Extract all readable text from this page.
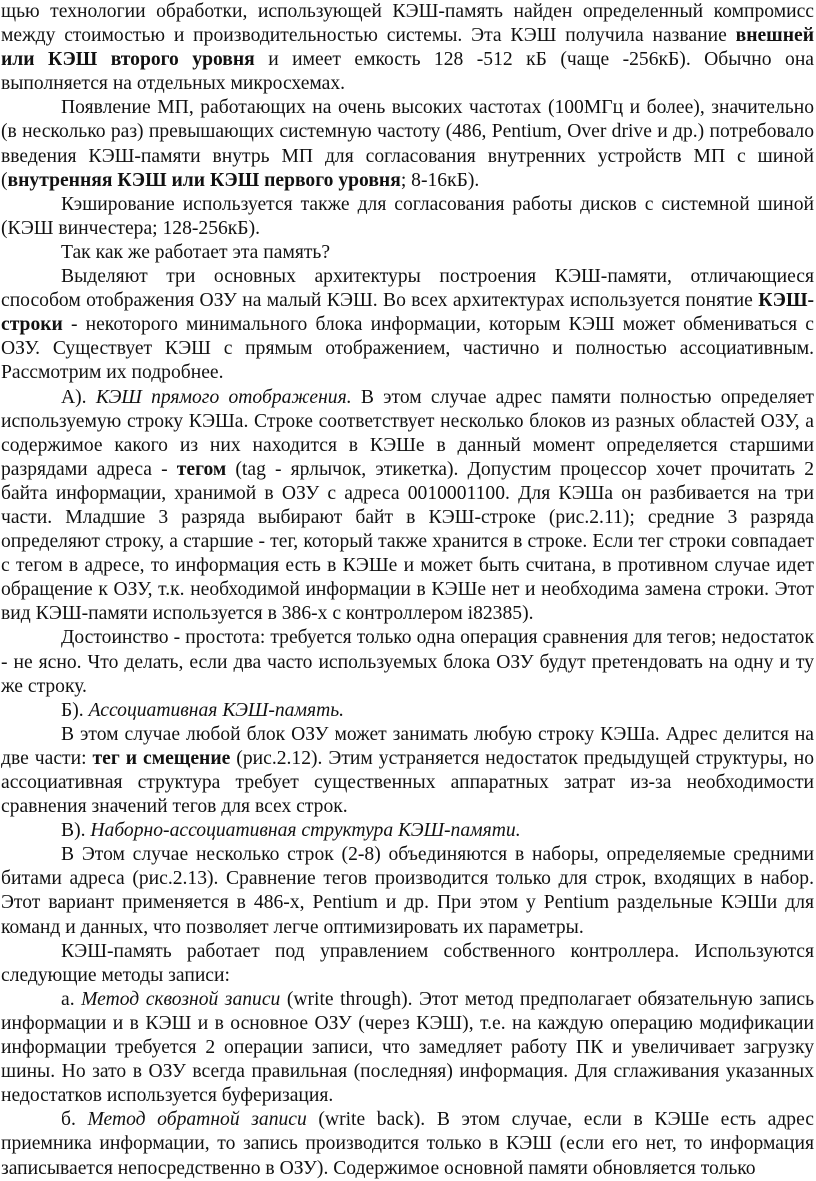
щью технологии обработки, использующей КЭШ-память найден определенный компромисс между стоимостью и производительностью системы. Эта КЭШ получила название внешней или КЭШ второго уровня и имеет емкость 128 -512 кБ (чаще -256кБ). Обычно она выполняется на отдельных микросхемах.

Появление МП, работающих на очень высоких частотах (100МГц и более), значительно (в несколько раз) превышающих системную частоту (486, Pentium, Over drive и др.) потребовало введения КЭШ-памяти внутрь МП для согласования внутренних устройств МП с шиной (внутренняя КЭШ или КЭШ первого уровня; 8-16кБ).

Кэширование используется также для согласования работы дисков с системной шиной (КЭШ винчестера; 128-256кБ).

Так как же работает эта память?

Выделяют три основных архитектуры построения КЭШ-памяти, отличающиеся способом отображения ОЗУ на малый КЭШ. Во всех архитектурах используется понятие КЭШ-строки - некоторого минимального блока информации, которым КЭШ может обмениваться с ОЗУ. Существует КЭШ с прямым отображением, частично и полностью ассоциативным. Рассмотрим их подробнее.

А). КЭШ прямого отображения. В этом случае адрес памяти полностью определяет используемую строку КЭШа. Строке соответствует несколько блоков из разных областей ОЗУ, а содержимое какого из них находится в КЭШе в данный момент определяется старшими разрядами адреса - тегом (tag - ярлычок, этикетка). Допустим процессор хочет прочитать 2 байта информации, хранимой в ОЗУ с адреса 0010001100. Для КЭШа он разбивается на три части. Младшие 3 разряда выбирают байт в КЭШ-строке (рис.2.11); средние 3 разряда определяют строку, а старшие - тег, который также хранится в строке. Если тег строки совпадает с тегом в адресе, то информация есть в КЭШе и может быть считана, в противном случае идет обращение к ОЗУ, т.к. необходимой информации в КЭШе нет и необходима замена строки. Этот вид КЭШ-памяти используется в 386-х с контроллером i82385).

Достоинство - простота: требуется только одна операция сравнения для тегов; недостаток - не ясно. Что делать, если два часто используемых блока ОЗУ будут претендовать на одну и ту же строку.

Б). Ассоциативная КЭШ-память.

В этом случае любой блок ОЗУ может занимать любую строку КЭШа. Адрес делится на две части: тег и смещение (рис.2.12). Этим устраняется недостаток предыдущей структуры, но ассоциативная структура требует существенных аппаратных затрат из-за необходимости сравнения значений тегов для всех строк.

В). Наборно-ассоциативная структура КЭШ-памяти.

В Этом случае несколько строк (2-8) объединяются в наборы, определяемые средними битами адреса (рис.2.13). Сравнение тегов производится только для строк, входящих в набор. Этот вариант применяется в 486-х, Pentium и др. При этом у Pentium раздельные КЭШи для команд и данных, что позволяет легче оптимизировать их параметры.

КЭШ-память работает под управлением собственного контроллера. Используются следующие методы записи:

а. Метод сквозной записи (write through). Этот метод предполагает обязательную запись информации и в КЭШ и в основное ОЗУ (через КЭШ), т.е. на каждую операцию модификации информации требуется 2 операции записи, что замедляет работу ПК и увеличивает загрузку шины. Но зато в ОЗУ всегда правильная (последняя) информация. Для сглаживания указанных недостатков используется буферизация.

б. Метод обратной записи (write back). В этом случае, если в КЭШе есть адрес приемника информации, то запись производится только в КЭШ (если его нет, то информация записывается непосредственно в ОЗУ). Содержимое основной памяти обновляется только
